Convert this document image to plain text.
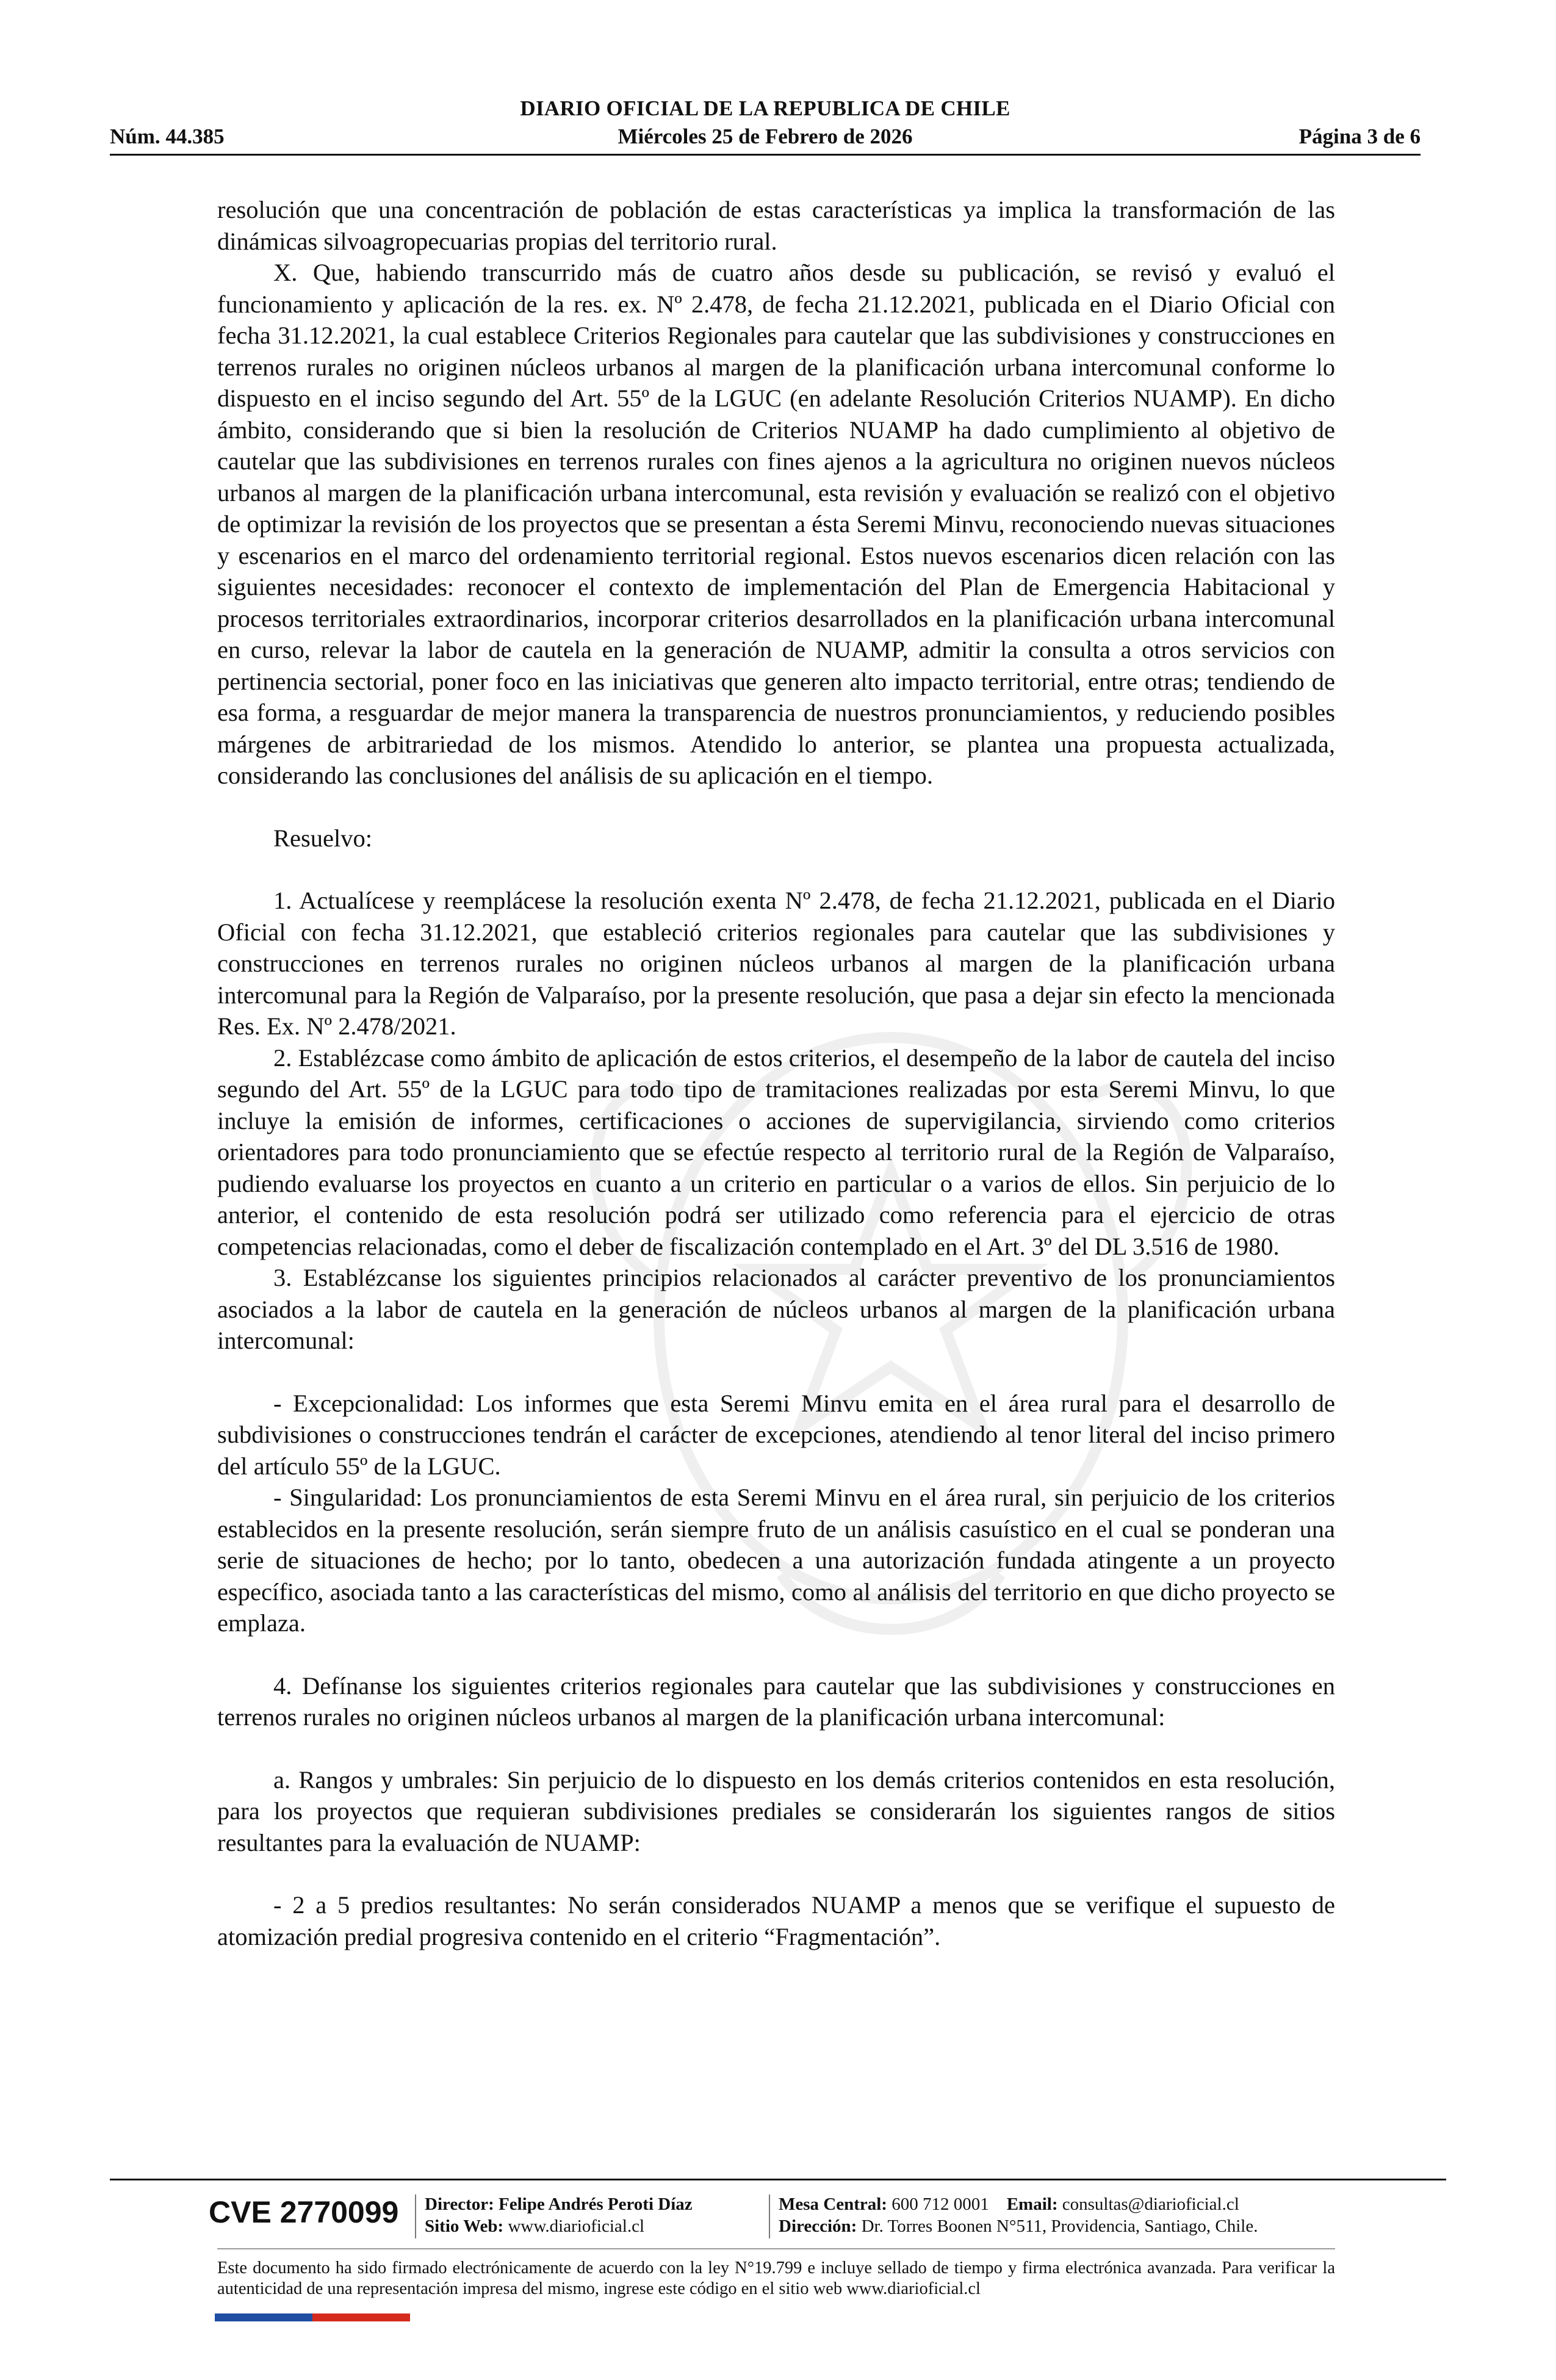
DIARIO OFICIAL DE LA REPUBLICA DE CHILE
Núm. 44.385	Miércoles 25 de Febrero de 2026	Página 3 de 6

resolución que una concentración de población de estas características ya implica la transformación de las dinámicas silvoagropecuarias propias del territorio rural.

X. Que, habiendo transcurrido más de cuatro años desde su publicación, se revisó y evaluó el funcionamiento y aplicación de la res. ex. Nº 2.478, de fecha 21.12.2021, publicada en el Diario Oficial con fecha 31.12.2021, la cual establece Criterios Regionales para cautelar que las subdivisiones y construcciones en terrenos rurales no originen núcleos urbanos al margen de la planificación urbana intercomunal conforme lo dispuesto en el inciso segundo del Art. 55º de la LGUC (en adelante Resolución Criterios NUAMP). En dicho ámbito, considerando que si bien la resolución de Criterios NUAMP ha dado cumplimiento al objetivo de cautelar que las subdivisiones en terrenos rurales con fines ajenos a la agricultura no originen nuevos núcleos urbanos al margen de la planificación urbana intercomunal, esta revisión y evaluación se realizó con el objetivo de optimizar la revisión de los proyectos que se presentan a ésta Seremi Minvu, reconociendo nuevas situaciones y escenarios en el marco del ordenamiento territorial regional. Estos nuevos escenarios dicen relación con las siguientes necesidades: reconocer el contexto de implementación del Plan de Emergencia Habitacional y procesos territoriales extraordinarios, incorporar criterios desarrollados en la planificación urbana intercomunal en curso, relevar la labor de cautela en la generación de NUAMP, admitir la consulta a otros servicios con pertinencia sectorial, poner foco en las iniciativas que generen alto impacto territorial, entre otras; tendiendo de esa forma, a resguardar de mejor manera la transparencia de nuestros pronunciamientos, y reduciendo posibles márgenes de arbitrariedad de los mismos. Atendido lo anterior, se plantea una propuesta actualizada, considerando las conclusiones del análisis de su aplicación en el tiempo.

Resuelvo:

1. Actualícese y reemplácese la resolución exenta Nº 2.478, de fecha 21.12.2021, publicada en el Diario Oficial con fecha 31.12.2021, que estableció criterios regionales para cautelar que las subdivisiones y construcciones en terrenos rurales no originen núcleos urbanos al margen de la planificación urbana intercomunal para la Región de Valparaíso, por la presente resolución, que pasa a dejar sin efecto la mencionada Res. Ex. Nº 2.478/2021.

2. Establézcase como ámbito de aplicación de estos criterios, el desempeño de la labor de cautela del inciso segundo del Art. 55º de la LGUC para todo tipo de tramitaciones realizadas por esta Seremi Minvu, lo que incluye la emisión de informes, certificaciones o acciones de supervigilancia, sirviendo como criterios orientadores para todo pronunciamiento que se efectúe respecto al territorio rural de la Región de Valparaíso, pudiendo evaluarse los proyectos en cuanto a un criterio en particular o a varios de ellos. Sin perjuicio de lo anterior, el contenido de esta resolución podrá ser utilizado como referencia para el ejercicio de otras competencias relacionadas, como el deber de fiscalización contemplado en el Art. 3º del DL 3.516 de 1980.

3. Establézcanse los siguientes principios relacionados al carácter preventivo de los pronunciamientos asociados a la labor de cautela en la generación de núcleos urbanos al margen de la planificación urbana intercomunal:

- Excepcionalidad: Los informes que esta Seremi Minvu emita en el área rural para el desarrollo de subdivisiones o construcciones tendrán el carácter de excepciones, atendiendo al tenor literal del inciso primero del artículo 55º de la LGUC.

- Singularidad: Los pronunciamientos de esta Seremi Minvu en el área rural, sin perjuicio de los criterios establecidos en la presente resolución, serán siempre fruto de un análisis casuístico en el cual se ponderan una serie de situaciones de hecho; por lo tanto, obedecen a una autorización fundada atingente a un proyecto específico, asociada tanto a las características del mismo, como al análisis del territorio en que dicho proyecto se emplaza.

4. Defínanse los siguientes criterios regionales para cautelar que las subdivisiones y construcciones en terrenos rurales no originen núcleos urbanos al margen de la planificación urbana intercomunal:

a. Rangos y umbrales: Sin perjuicio de lo dispuesto en los demás criterios contenidos en esta resolución, para los proyectos que requieran subdivisiones prediales se considerarán los siguientes rangos de sitios resultantes para la evaluación de NUAMP:

- 2 a 5 predios resultantes: No serán considerados NUAMP a menos que se verifique el supuesto de atomización predial progresiva contenido en el criterio “Fragmentación”.

CVE 2770099 Director: Felipe Andrés Peroti Díaz
Sitio Web: www.diarioficial.cl
Mesa Central: 600 712 0001 Email: consultas@diarioficial.cl
Dirección: Dr. Torres Boonen N°511, Providencia, Santiago, Chile.
Este documento ha sido firmado electrónicamente de acuerdo con la ley N°19.799 e incluye sellado de tiempo y firma electrónica avanzada. Para verificar la autenticidad de una representación impresa del mismo, ingrese este código en el sitio web www.diarioficial.cl
